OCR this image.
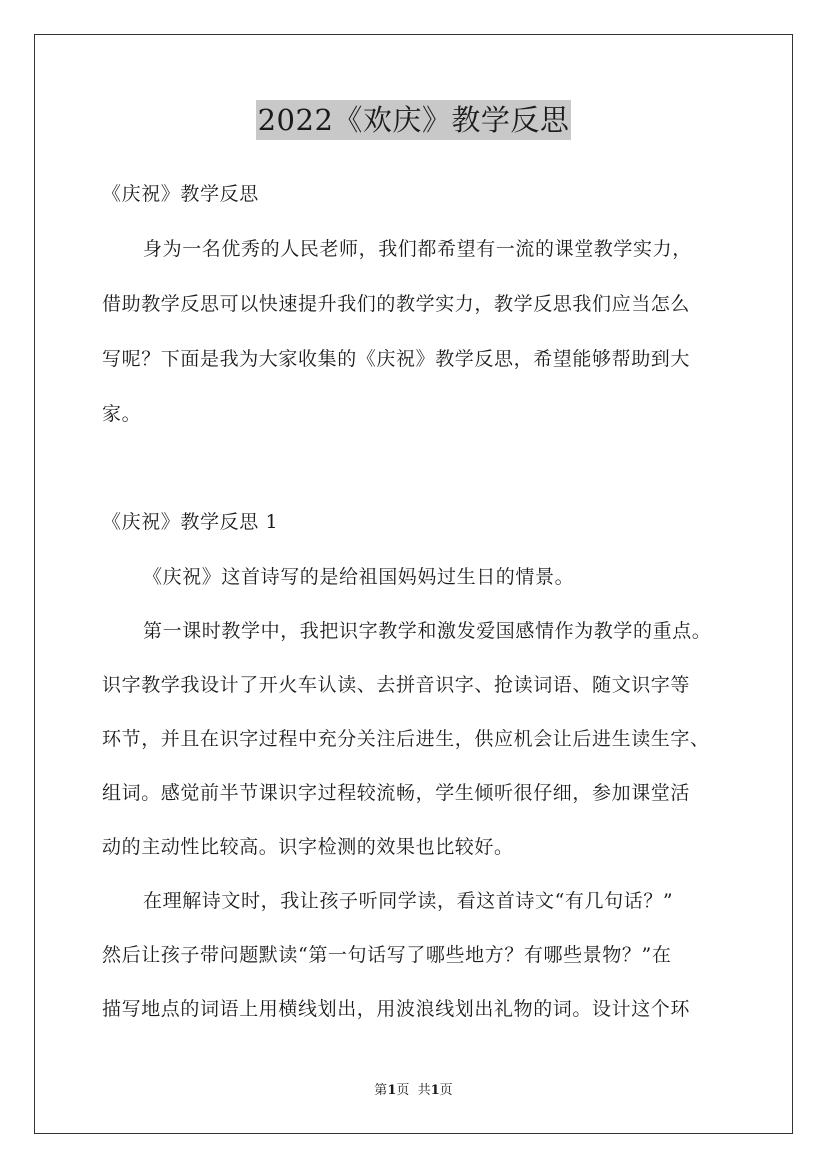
2022《欢庆》教学反思
《庆祝》教学反思
身为一名优秀的人民老师，我们都希望有一流的课堂教学实力，
借助教学反思可以快速提升我们的教学实力，教学反思我们应当怎么
写呢？下面是我为大家收集的《庆祝》教学反思，希望能够帮助到大
家。
《庆祝》教学反思 1
《庆祝》这首诗写的是给祖国妈妈过生日的情景。
第一课时教学中，我把识字教学和激发爱国感情作为教学的重点。
识字教学我设计了开火车认读、去拼音识字、抢读词语、随文识字等
环节，并且在识字过程中充分关注后进生，供应机会让后进生读生字、
组词。感觉前半节课识字过程较流畅，学生倾听很仔细，参加课堂活
动的主动性比较高。识字检测的效果也比较好。
在理解诗文时，我让孩子听同学读，看这首诗文“有几句话？”
然后让孩子带问题默读“第一句话写了哪些地方？有哪些景物？”在
描写地点的词语上用横线划出，用波浪线划出礼物的词。设计这个环
第1页  共1页
